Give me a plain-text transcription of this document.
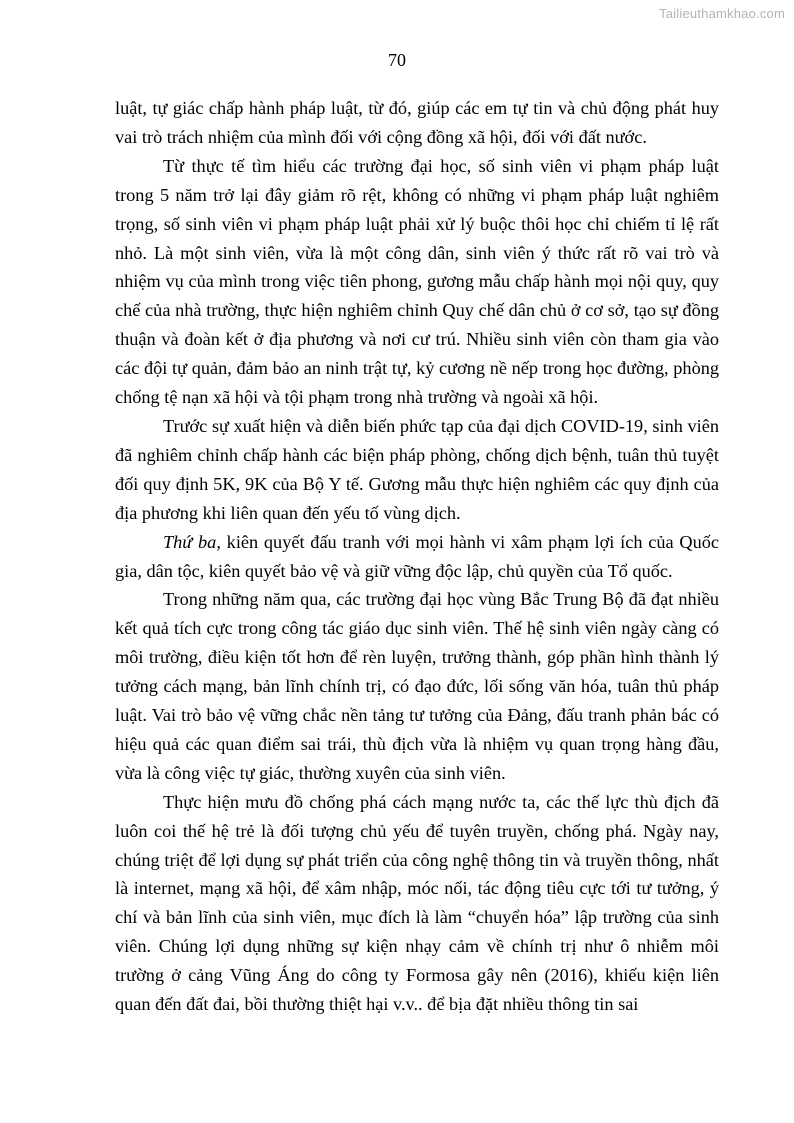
Tailieuthamkhao.com
70

luật, tự giác chấp hành pháp luật, từ đó, giúp các em tự tin và chủ động phát huy vai trò trách nhiệm của mình đối với cộng đồng xã hội, đối với đất nước.

Từ thực tế tìm hiểu các trường đại học, số sinh viên vi phạm pháp luật trong 5 năm trở lại đây giảm rõ rệt, không có những vi phạm pháp luật nghiêm trọng, số sinh viên vi phạm pháp luật phải xử lý buộc thôi học chỉ chiếm tỉ lệ rất nhỏ. Là một sinh viên, vừa là một công dân, sinh viên ý thức rất rõ vai trò và nhiệm vụ của mình trong việc tiên phong, gương mẫu chấp hành mọi nội quy, quy chế của nhà trường, thực hiện nghiêm chỉnh Quy chế dân chủ ở cơ sở, tạo sự đồng thuận và đoàn kết ở địa phương và nơi cư trú. Nhiều sinh viên còn tham gia vào các đội tự quản, đảm bảo an ninh trật tự, kỷ cương nề nếp trong học đường, phòng chống tệ nạn xã hội và tội phạm trong nhà trường và ngoài xã hội.

Trước sự xuất hiện và diễn biến phức tạp của đại dịch COVID-19, sinh viên đã nghiêm chỉnh chấp hành các biện pháp phòng, chống dịch bệnh, tuân thủ tuyệt đối quy định 5K, 9K của Bộ Y tế. Gương mẫu thực hiện nghiêm các quy định của địa phương khi liên quan đến yếu tố vùng dịch.

Thứ ba, kiên quyết đấu tranh với mọi hành vi xâm phạm lợi ích của Quốc gia, dân tộc, kiên quyết bảo vệ và giữ vững độc lập, chủ quyền của Tổ quốc.

Trong những năm qua, các trường đại học vùng Bắc Trung Bộ đã đạt nhiều kết quả tích cực trong công tác giáo dục sinh viên. Thế hệ sinh viên ngày càng có môi trường, điều kiện tốt hơn để rèn luyện, trưởng thành, góp phần hình thành lý tưởng cách mạng, bản lĩnh chính trị, có đạo đức, lối sống văn hóa, tuân thủ pháp luật. Vai trò bảo vệ vững chắc nền tảng tư tưởng của Đảng, đấu tranh phản bác có hiệu quả các quan điểm sai trái, thù địch vừa là nhiệm vụ quan trọng hàng đầu, vừa là công việc tự giác, thường xuyên của sinh viên.

Thực hiện mưu đồ chống phá cách mạng nước ta, các thế lực thù địch đã luôn coi thế hệ trẻ là đối tượng chủ yếu để tuyên truyền, chống phá. Ngày nay, chúng triệt để lợi dụng sự phát triển của công nghệ thông tin và truyền thông, nhất là internet, mạng xã hội, để xâm nhập, móc nối, tác động tiêu cực tới tư tưởng, ý chí và bản lĩnh của sinh viên, mục đích là làm “chuyển hóa” lập trường của sinh viên. Chúng lợi dụng những sự kiện nhạy cảm về chính trị như ô nhiễm môi trường ở cảng Vũng Áng do công ty Formosa gây nên (2016), khiếu kiện liên quan đến đất đai, bồi thường thiệt hại v.v.. để bịa đặt nhiều thông tin sai
